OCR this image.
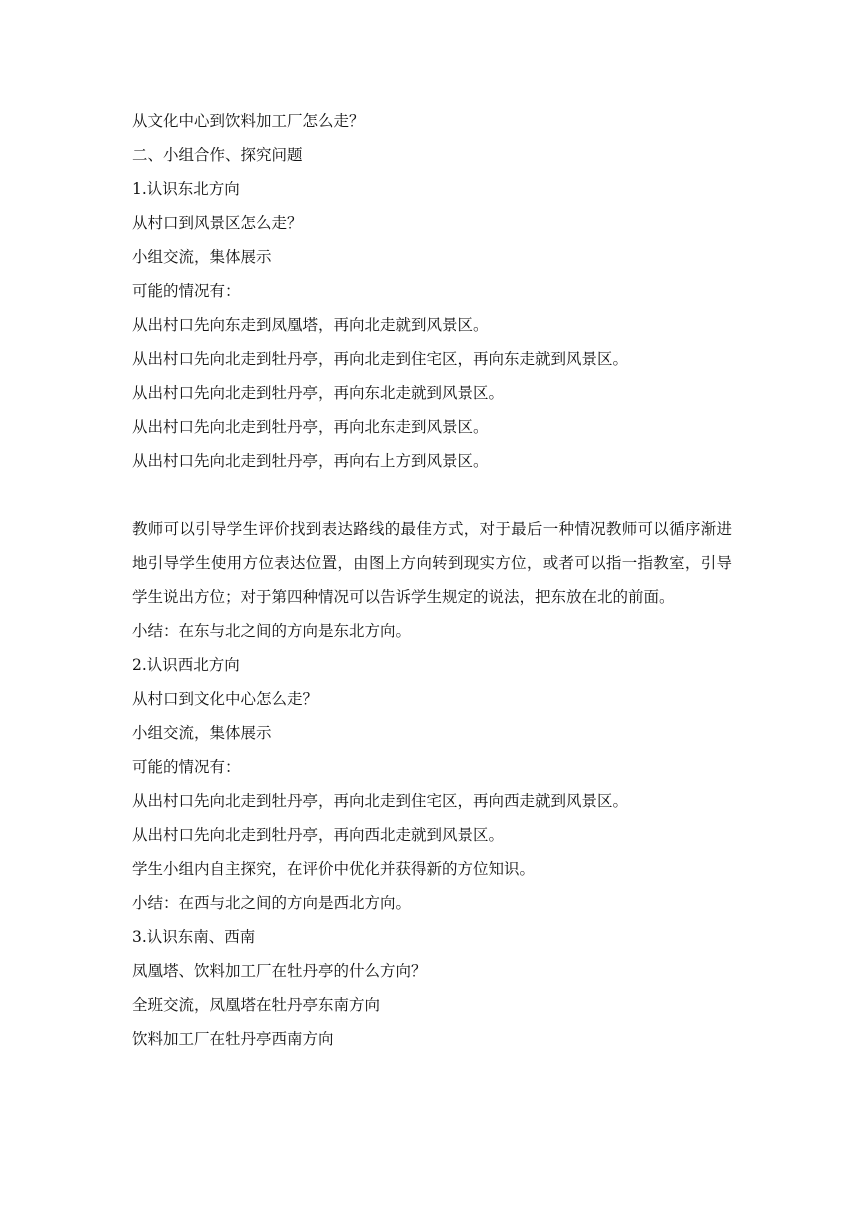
从文化中心到饮料加工厂怎么走？
二、小组合作、探究问题
1.认识东北方向
从村口到风景区怎么走？
小组交流，集体展示
可能的情况有：
从出村口先向东走到凤凰塔，再向北走就到风景区。
从出村口先向北走到牡丹亭，再向北走到住宅区，再向东走就到风景区。
从出村口先向北走到牡丹亭，再向东北走就到风景区。
从出村口先向北走到牡丹亭，再向北东走到风景区。
从出村口先向北走到牡丹亭，再向右上方到风景区。
教师可以引导学生评价找到表达路线的最佳方式，对于最后一种情况教师可以循序渐进地引导学生使用方位表达位置，由图上方向转到现实方位，或者可以指一指教室，引导学生说出方位；对于第四种情况可以告诉学生规定的说法，把东放在北的前面。
小结：在东与北之间的方向是东北方向。
2.认识西北方向
从村口到文化中心怎么走？
小组交流，集体展示
可能的情况有：
从出村口先向北走到牡丹亭，再向北走到住宅区，再向西走就到风景区。
从出村口先向北走到牡丹亭，再向西北走就到风景区。
学生小组内自主探究，在评价中优化并获得新的方位知识。
小结：在西与北之间的方向是西北方向。
3.认识东南、西南
凤凰塔、饮料加工厂在牡丹亭的什么方向？
全班交流，凤凰塔在牡丹亭东南方向
饮料加工厂在牡丹亭西南方向
